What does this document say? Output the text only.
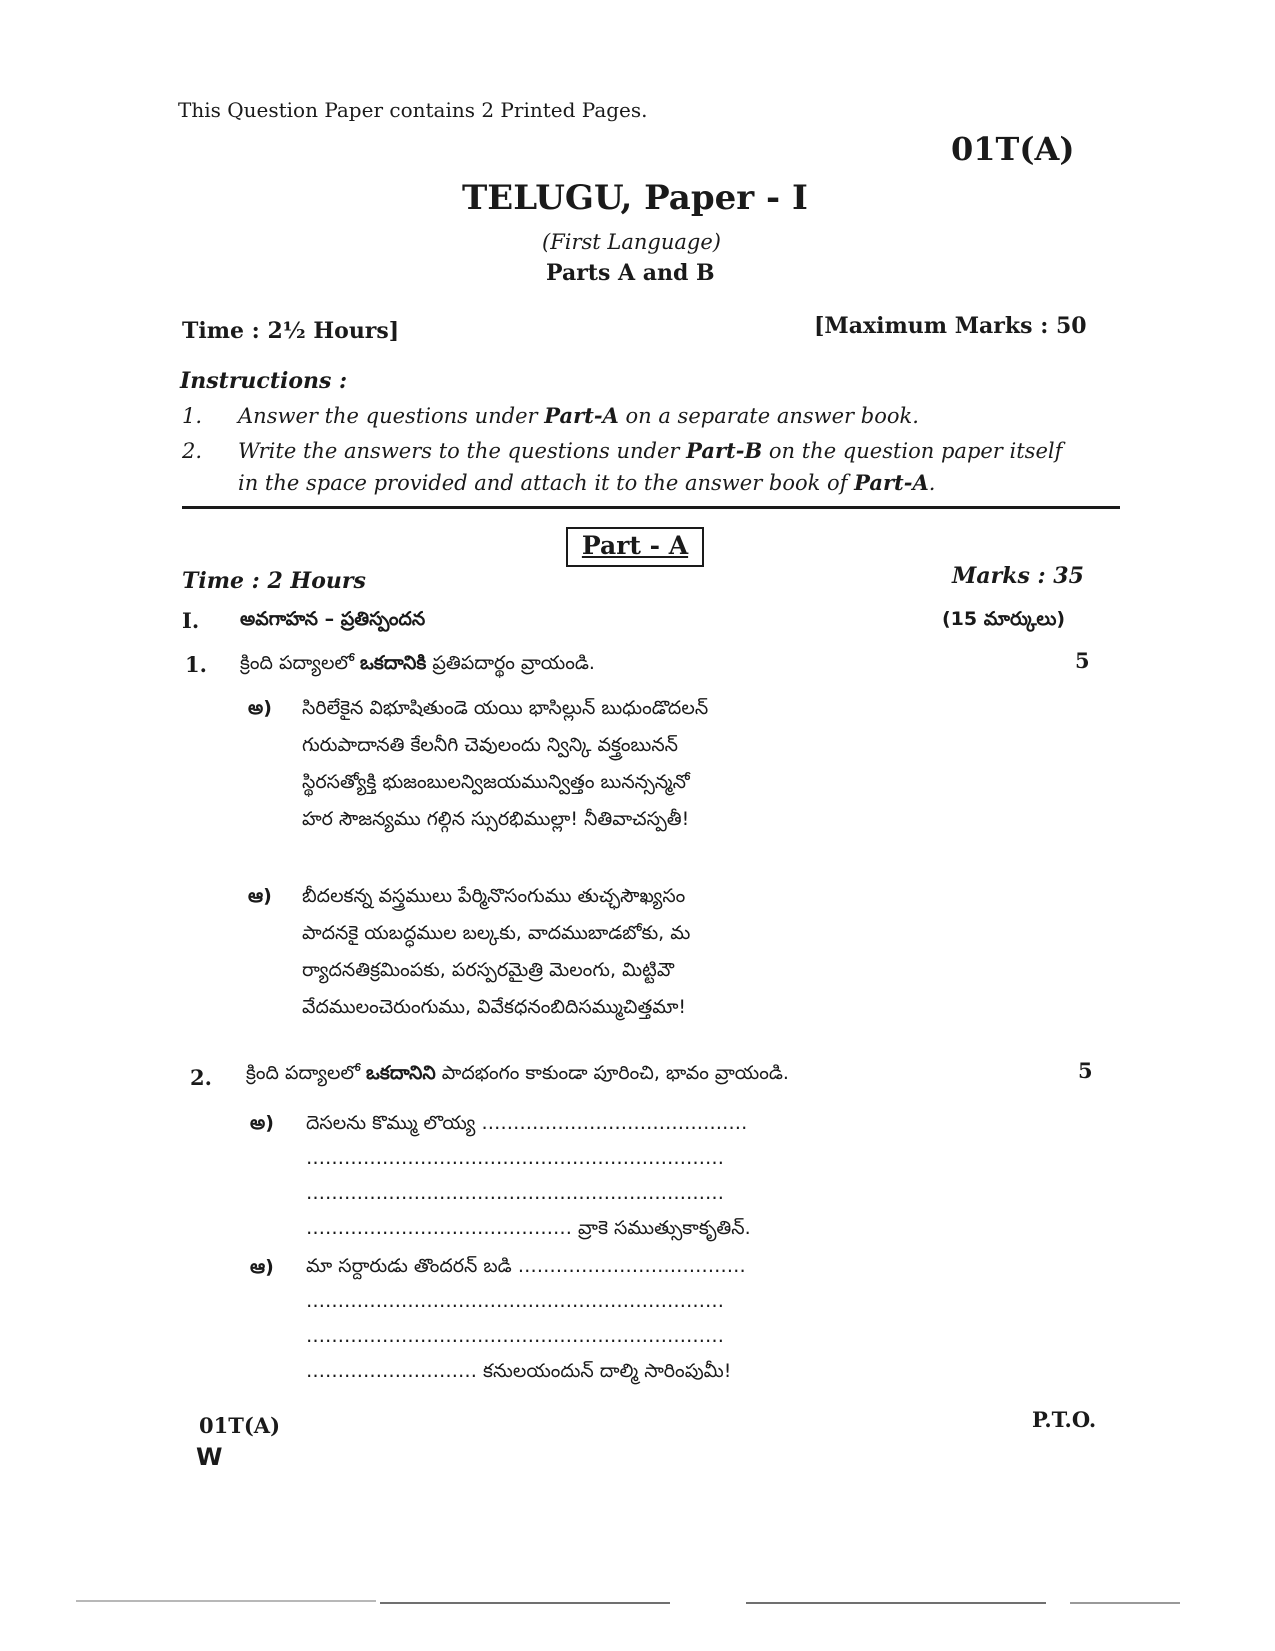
This Question Paper contains 2 Printed Pages.
01T(A)
TELUGU, Paper - I
(First Language)
Parts A and B
Time : 2½ Hours]	[Maximum Marks : 50
Instructions :
1. Answer the questions under Part-A on a separate answer book.
2. Write the answers to the questions under Part-B on the question paper itself
in the space provided and attach it to the answer book of Part-A.
Part - A
Time : 2 Hours	Marks : 35
I. అవగాహన – ప్రతిస్పందన	(15 మార్కులు)
1. క్రింది పద్యాలలో ఒకదానికి ప్రతిపదార్థం వ్రాయండి.	5
అ) సిరిలేకైన విభూషితుండె యయి భాసిల్లున్ బుధుండొదలన్
గురుపాదానతి కేలనీగి చెవులందు న్విన్కి వక్త్రంబునన్
స్థిరసత్యోక్తి భుజంబులన్విజయమున్విత్తం బునన్సన్మనో
హర సౌజన్యము గల్గిన స్సురభిముల్లా! నీతివాచస్పతీ!
ఆ) బీదలకన్న వస్త్రములు పేర్మినొసంగుము తుచ్ఛసౌఖ్యసం
పాదనకై యబద్ధముల బల్కకు, వాదముబాడబోకు, మ
ర్యాదనతిక్రమింపకు, పరస్పరమైత్రి మెలంగు, మిట్టివౌ
వేదములంచెరుంగుము, వివేకధనంబిదిసమ్ముచిత్తమా!
2. క్రింది పద్యాలలో ఒకదానిని పాదభంగం కాకుండా పూరించి, భావం వ్రాయండి.	5
అ) దెసలను కొమ్ము లొయ్య ……………………………………
…………………………………………………………
…………………………………………………………
…………………………………… వ్రాకె సముత్సుకాకృతిన్.
ఆ) మా సర్దారుడు తొందరన్ బడి ………………………………
…………………………………………………………
…………………………………………………………
……………………… కనులయందున్ దాల్మి సారింపుమీ!
01T(A)
W
P.T.O.
